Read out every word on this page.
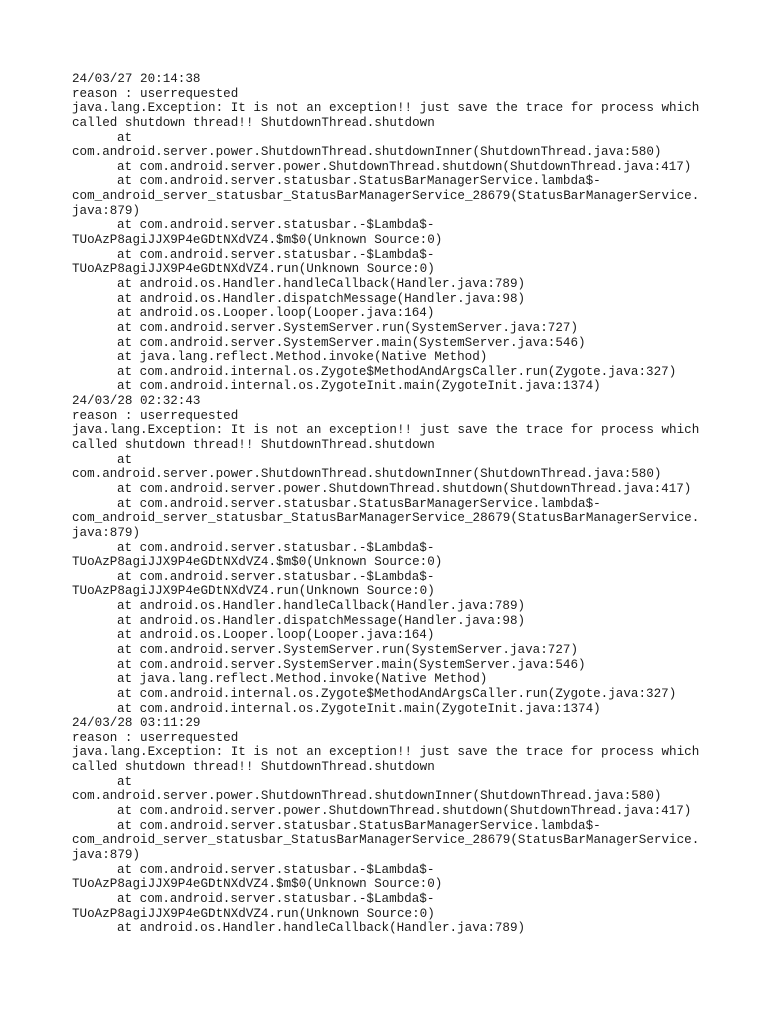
24/03/27 20:14:38
reason : userrequested
java.lang.Exception: It is not an exception!! just save the trace for process which
called shutdown thread!! ShutdownThread.shutdown
at
com.android.server.power.ShutdownThread.shutdownInner(ShutdownThread.java:580)
at com.android.server.power.ShutdownThread.shutdown(ShutdownThread.java:417)
at com.android.server.statusbar.StatusBarManagerService.lambda$-
com_android_server_statusbar_StatusBarManagerService_28679(StatusBarManagerService.
java:879)
at com.android.server.statusbar.-$Lambda$-
TUoAzP8agiJJX9P4eGDtNXdVZ4.$m$0(Unknown Source:0)
at com.android.server.statusbar.-$Lambda$-
TUoAzP8agiJJX9P4eGDtNXdVZ4.run(Unknown Source:0)
at android.os.Handler.handleCallback(Handler.java:789)
at android.os.Handler.dispatchMessage(Handler.java:98)
at android.os.Looper.loop(Looper.java:164)
at com.android.server.SystemServer.run(SystemServer.java:727)
at com.android.server.SystemServer.main(SystemServer.java:546)
at java.lang.reflect.Method.invoke(Native Method)
at com.android.internal.os.Zygote$MethodAndArgsCaller.run(Zygote.java:327)
at com.android.internal.os.ZygoteInit.main(ZygoteInit.java:1374)
24/03/28 02:32:43
reason : userrequested
java.lang.Exception: It is not an exception!! just save the trace for process which
called shutdown thread!! ShutdownThread.shutdown
at
com.android.server.power.ShutdownThread.shutdownInner(ShutdownThread.java:580)
at com.android.server.power.ShutdownThread.shutdown(ShutdownThread.java:417)
at com.android.server.statusbar.StatusBarManagerService.lambda$-
com_android_server_statusbar_StatusBarManagerService_28679(StatusBarManagerService.
java:879)
at com.android.server.statusbar.-$Lambda$-
TUoAzP8agiJJX9P4eGDtNXdVZ4.$m$0(Unknown Source:0)
at com.android.server.statusbar.-$Lambda$-
TUoAzP8agiJJX9P4eGDtNXdVZ4.run(Unknown Source:0)
at android.os.Handler.handleCallback(Handler.java:789)
at android.os.Handler.dispatchMessage(Handler.java:98)
at android.os.Looper.loop(Looper.java:164)
at com.android.server.SystemServer.run(SystemServer.java:727)
at com.android.server.SystemServer.main(SystemServer.java:546)
at java.lang.reflect.Method.invoke(Native Method)
at com.android.internal.os.Zygote$MethodAndArgsCaller.run(Zygote.java:327)
at com.android.internal.os.ZygoteInit.main(ZygoteInit.java:1374)
24/03/28 03:11:29
reason : userrequested
java.lang.Exception: It is not an exception!! just save the trace for process which
called shutdown thread!! ShutdownThread.shutdown
at
com.android.server.power.ShutdownThread.shutdownInner(ShutdownThread.java:580)
at com.android.server.power.ShutdownThread.shutdown(ShutdownThread.java:417)
at com.android.server.statusbar.StatusBarManagerService.lambda$-
com_android_server_statusbar_StatusBarManagerService_28679(StatusBarManagerService.
java:879)
at com.android.server.statusbar.-$Lambda$-
TUoAzP8agiJJX9P4eGDtNXdVZ4.$m$0(Unknown Source:0)
at com.android.server.statusbar.-$Lambda$-
TUoAzP8agiJJX9P4eGDtNXdVZ4.run(Unknown Source:0)
at android.os.Handler.handleCallback(Handler.java:789)
